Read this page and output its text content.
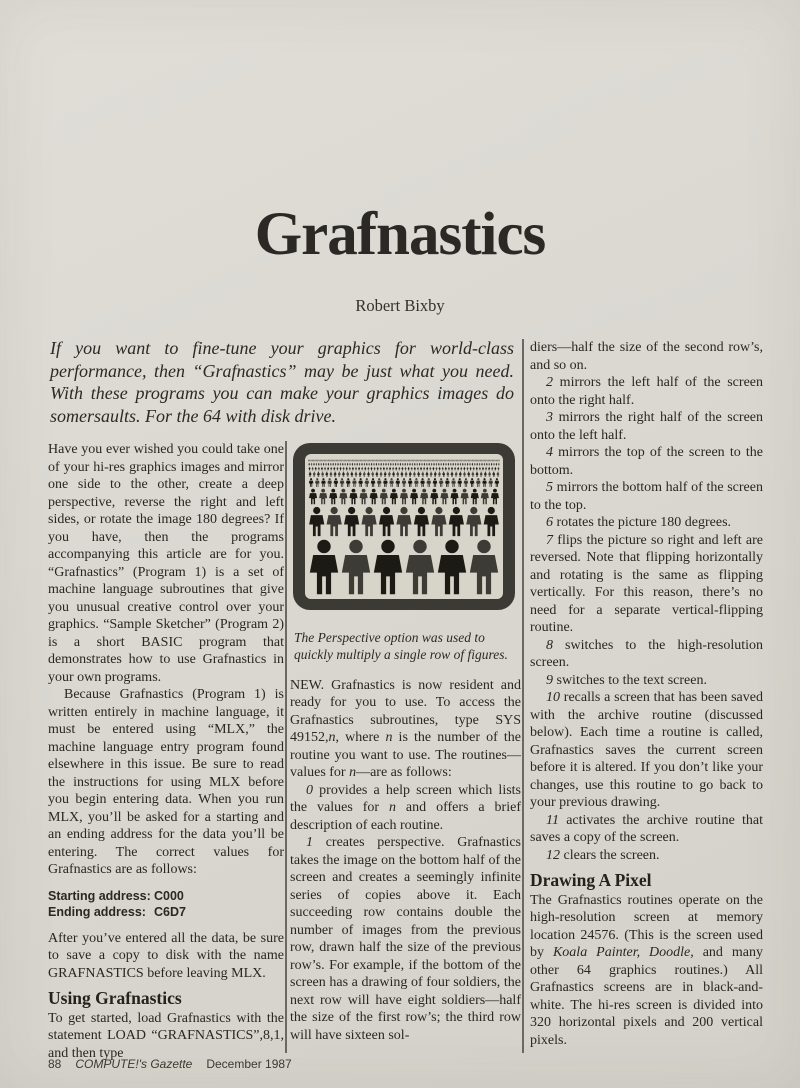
Grafnastics
Robert Bixby
If you want to fine-tune your graphics for world-class performance, then “Grafnastics” may be just what you need. With these programs you can make your graphics images do somersaults. For the 64 with disk drive.

Have you ever wished you could take one of your hi-res graphics images and mirror one side to the other, create a deep perspective, reverse the right and left sides, or rotate the image 180 degrees? If you have, then the programs accompanying this article are for you. “Grafnastics” (Program 1) is a set of machine language subroutines that give you unusual creative control over your graphics. “Sample Sketcher” (Program 2) is a short BASIC program that demonstrates how to use Grafnastics in your own programs.

Because Grafnastics (Program 1) is written entirely in machine language, it must be entered using “MLX,” the machine language entry program found elsewhere in this issue. Be sure to read the instructions for using MLX before you begin entering data. When you run MLX, you’ll be asked for a starting and an ending address for the data you’ll be entering. The correct values for Grafnastics are as follows:

Starting address: C000
Ending address: C6D7

After you’ve entered all the data, be sure to save a copy to disk with the name GRAFNASTICS before leaving MLX.

Using Grafnastics

To get started, load Grafnastics with the statement LOAD “GRAFNASTICS”,8,1, and then type

The Perspective option was used to quickly multiply a single row of figures.

NEW. Grafnastics is now resident and ready for you to use. To access the Grafnastics subroutines, type SYS 49152,n, where n is the number of the routine you want to use. The routines—values for n—are as follows:

0 provides a help screen which lists the values for n and offers a brief description of each routine.

1 creates perspective. Grafnastics takes the image on the bottom half of the screen and creates a seemingly infinite series of copies above it. Each succeeding row contains double the number of images from the previous row, drawn half the size of the previous row’s. For example, if the bottom of the screen has a drawing of four soldiers, the next row will have eight soldiers—half the size of the first row’s; the third row will have sixteen sol-

diers—half the size of the second row’s, and so on.

2 mirrors the left half of the screen onto the right half.

3 mirrors the right half of the screen onto the left half.

4 mirrors the top of the screen to the bottom.

5 mirrors the bottom half of the screen to the top.

6 rotates the picture 180 degrees.

7 flips the picture so right and left are reversed. Note that flipping horizontally and rotating is the same as flipping vertically. For this reason, there’s no need for a separate vertical-flipping routine.

8 switches to the high-resolution screen.

9 switches to the text screen.

10 recalls a screen that has been saved with the archive routine (discussed below). Each time a routine is called, Grafnastics saves the current screen before it is altered. If you don’t like your changes, use this routine to go back to your previous drawing.

11 activates the archive routine that saves a copy of the screen.

12 clears the screen.

Drawing A Pixel

The Grafnastics routines operate on the high-resolution screen at memory location 24576. (This is the screen used by Koala Painter, Doodle, and many other 64 graphics routines.) All Grafnastics screens are in black-and-white. The hi-res screen is divided into 320 horizontal pixels and 200 vertical pixels.

88 COMPUTE!'s Gazette December 1987
